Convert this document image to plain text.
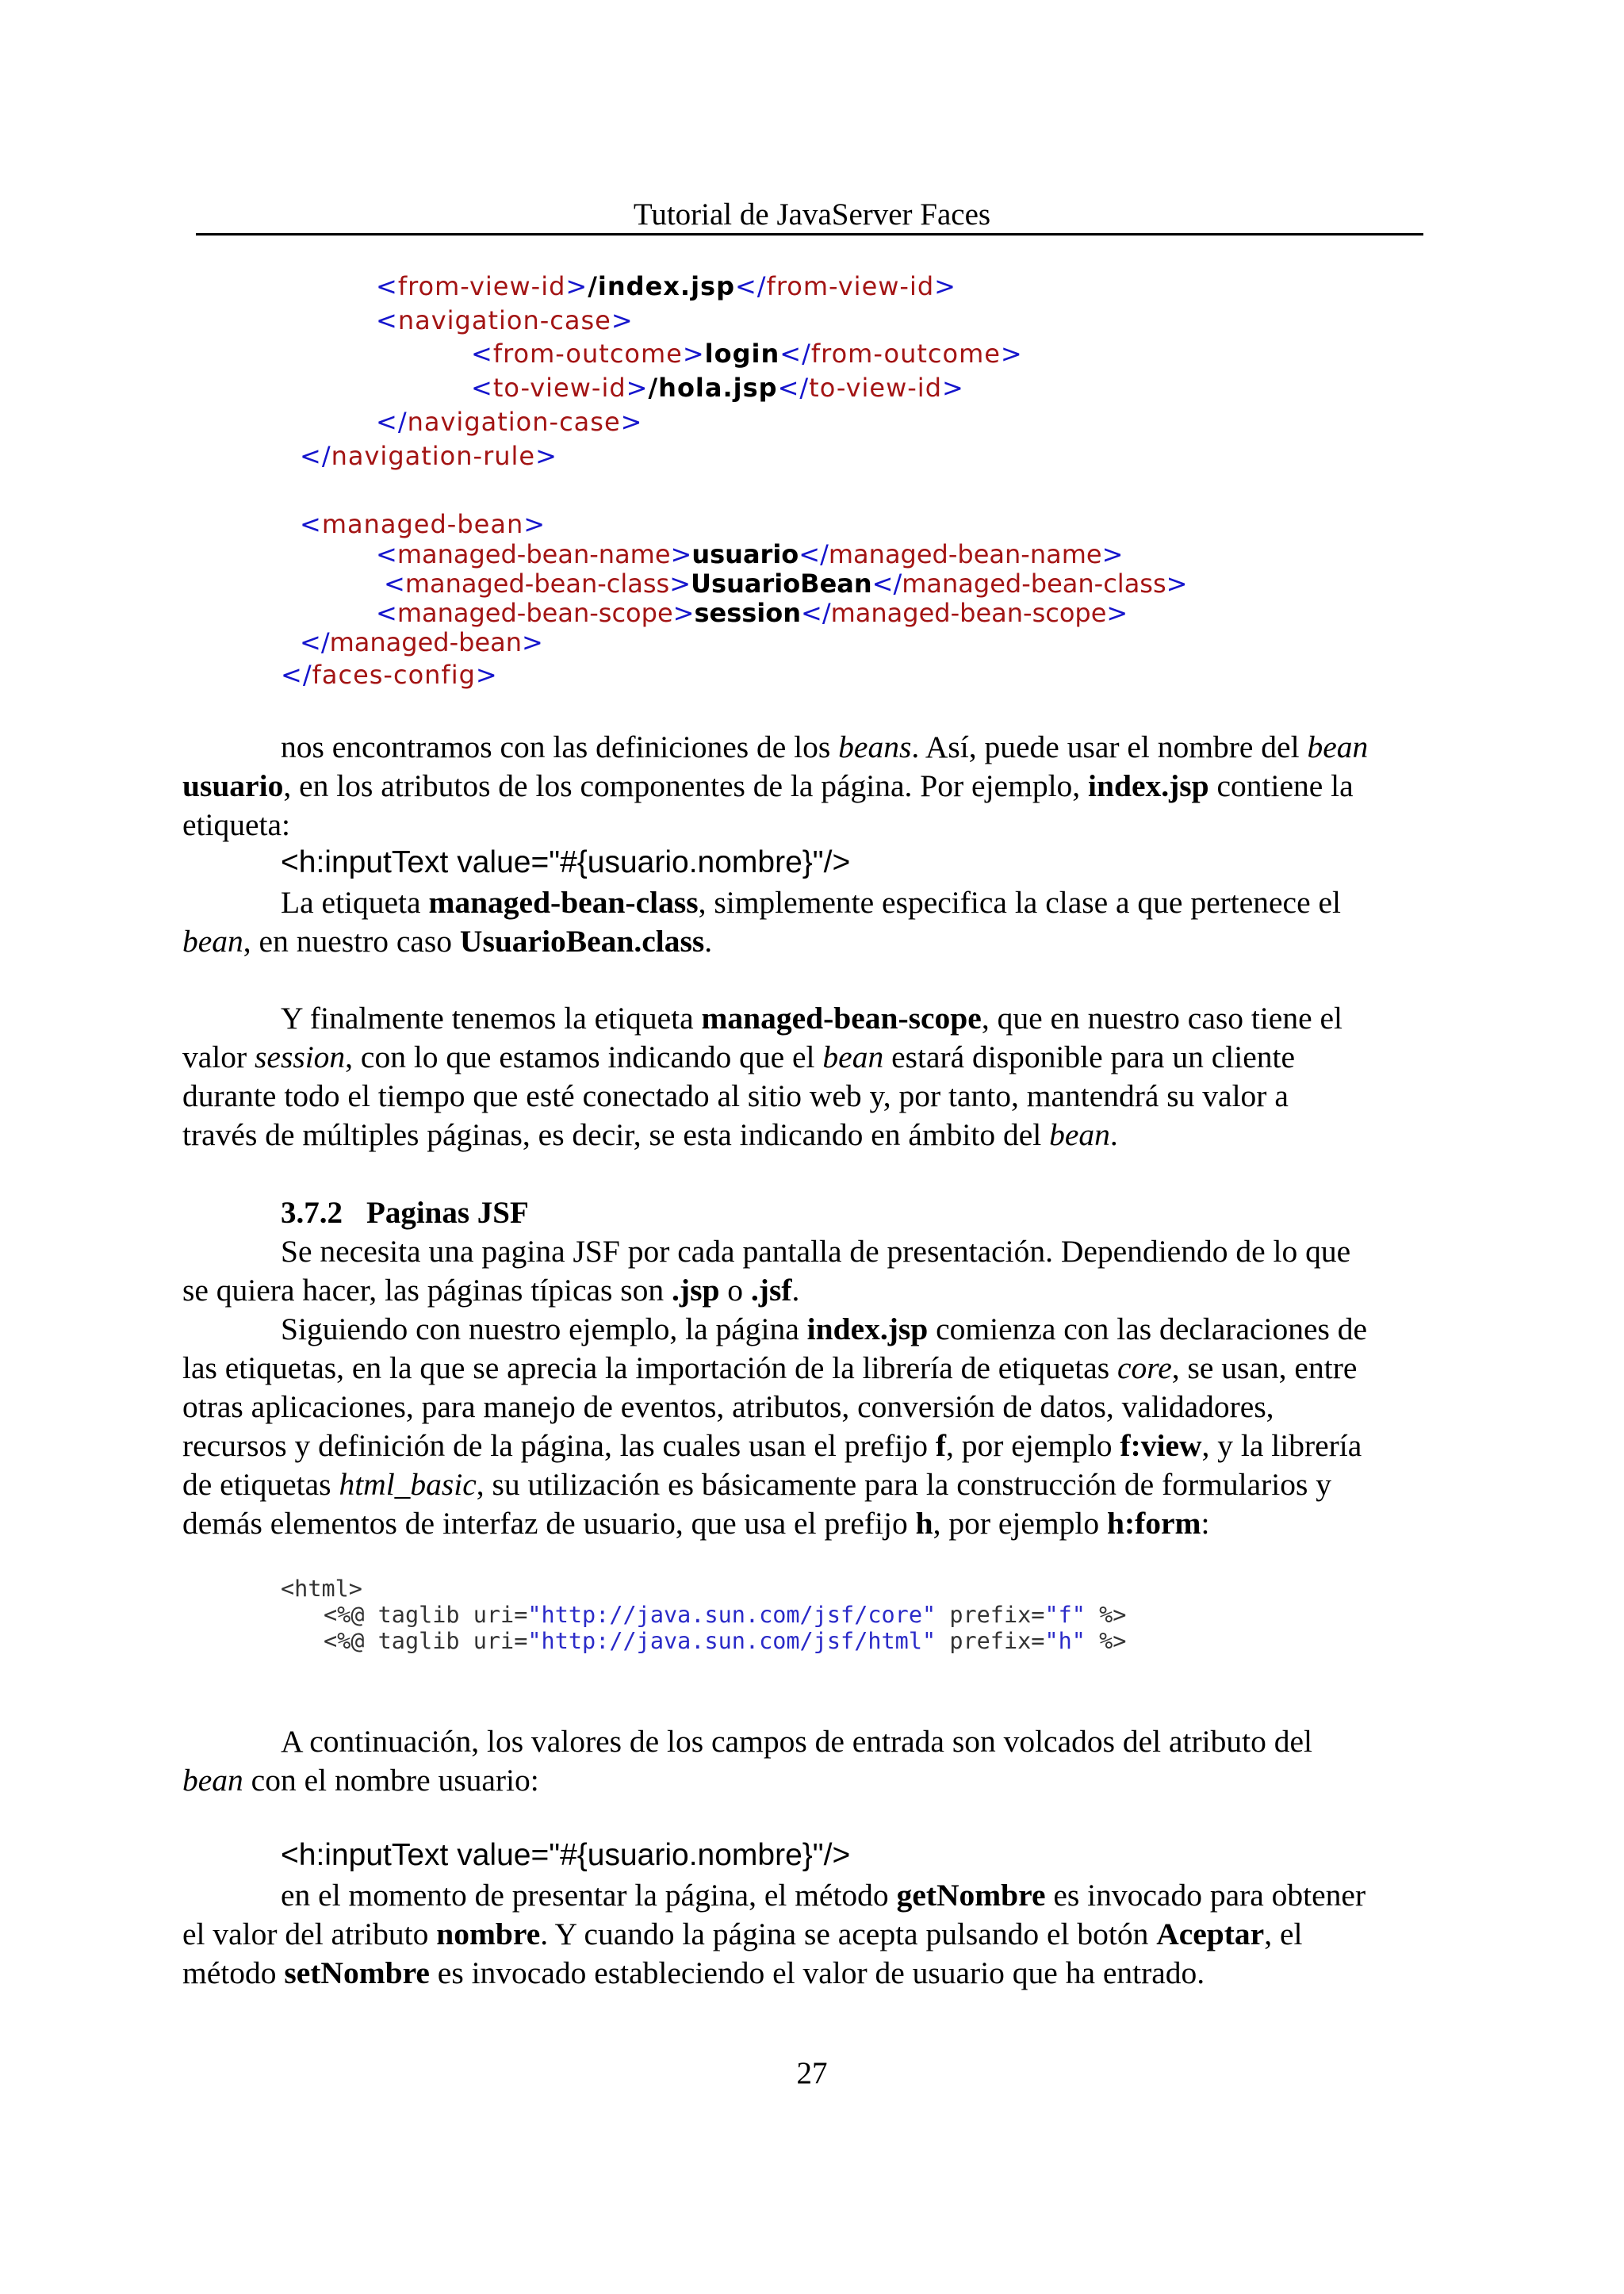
Tutorial de JavaServer Faces
<from-view-id>/index.jsp</from-view-id>
<navigation-case>
<from-outcome>login</from-outcome>
<to-view-id>/hola.jsp</to-view-id>
</navigation-case>
</navigation-rule>
<managed-bean>
<managed-bean-name>usuario</managed-bean-name>
<managed-bean-class>UsuarioBean</managed-bean-class>
<managed-bean-scope>session</managed-bean-scope>
</managed-bean>
</faces-config>
nos encontramos con las definiciones de los beans. Así, puede usar el nombre del bean
usuario, en los atributos de los componentes de la página. Por ejemplo, index.jsp contiene la
etiqueta:
<h:inputText value="#{usuario.nombre}"/>
La etiqueta managed-bean-class, simplemente especifica la clase a que pertenece el
bean, en nuestro caso UsuarioBean.class.
Y finalmente tenemos la etiqueta managed-bean-scope, que en nuestro caso tiene el
valor session, con lo que estamos indicando que el bean estará disponible para un cliente
durante todo el tiempo que esté conectado al sitio web y, por tanto, mantendrá su valor a
través de múltiples páginas, es decir, se esta indicando en ámbito del bean.
3.7.2 Paginas JSF
Se necesita una pagina JSF por cada pantalla de presentación. Dependiendo de lo que
se quiera hacer, las páginas típicas son .jsp o .jsf.
Siguiendo con nuestro ejemplo, la página index.jsp comienza con las declaraciones de
las etiquetas, en la que se aprecia la importación de la librería de etiquetas core, se usan, entre
otras aplicaciones, para manejo de eventos, atributos, conversión de datos, validadores,
recursos y definición de la página, las cuales usan el prefijo f, por ejemplo f:view, y la librería
de etiquetas html_basic, su utilización es básicamente para la construcción de formularios y
demás elementos de interfaz de usuario, que usa el prefijo h, por ejemplo h:form:
<html>
<%@ taglib uri="http://java.sun.com/jsf/core" prefix="f" %>
<%@ taglib uri="http://java.sun.com/jsf/html" prefix="h" %>
A continuación, los valores de los campos de entrada son volcados del atributo del
bean con el nombre usuario:
<h:inputText value="#{usuario.nombre}"/>
en el momento de presentar la página, el método getNombre es invocado para obtener
el valor del atributo nombre. Y cuando la página se acepta pulsando el botón Aceptar, el
método setNombre es invocado estableciendo el valor de usuario que ha entrado.
27
